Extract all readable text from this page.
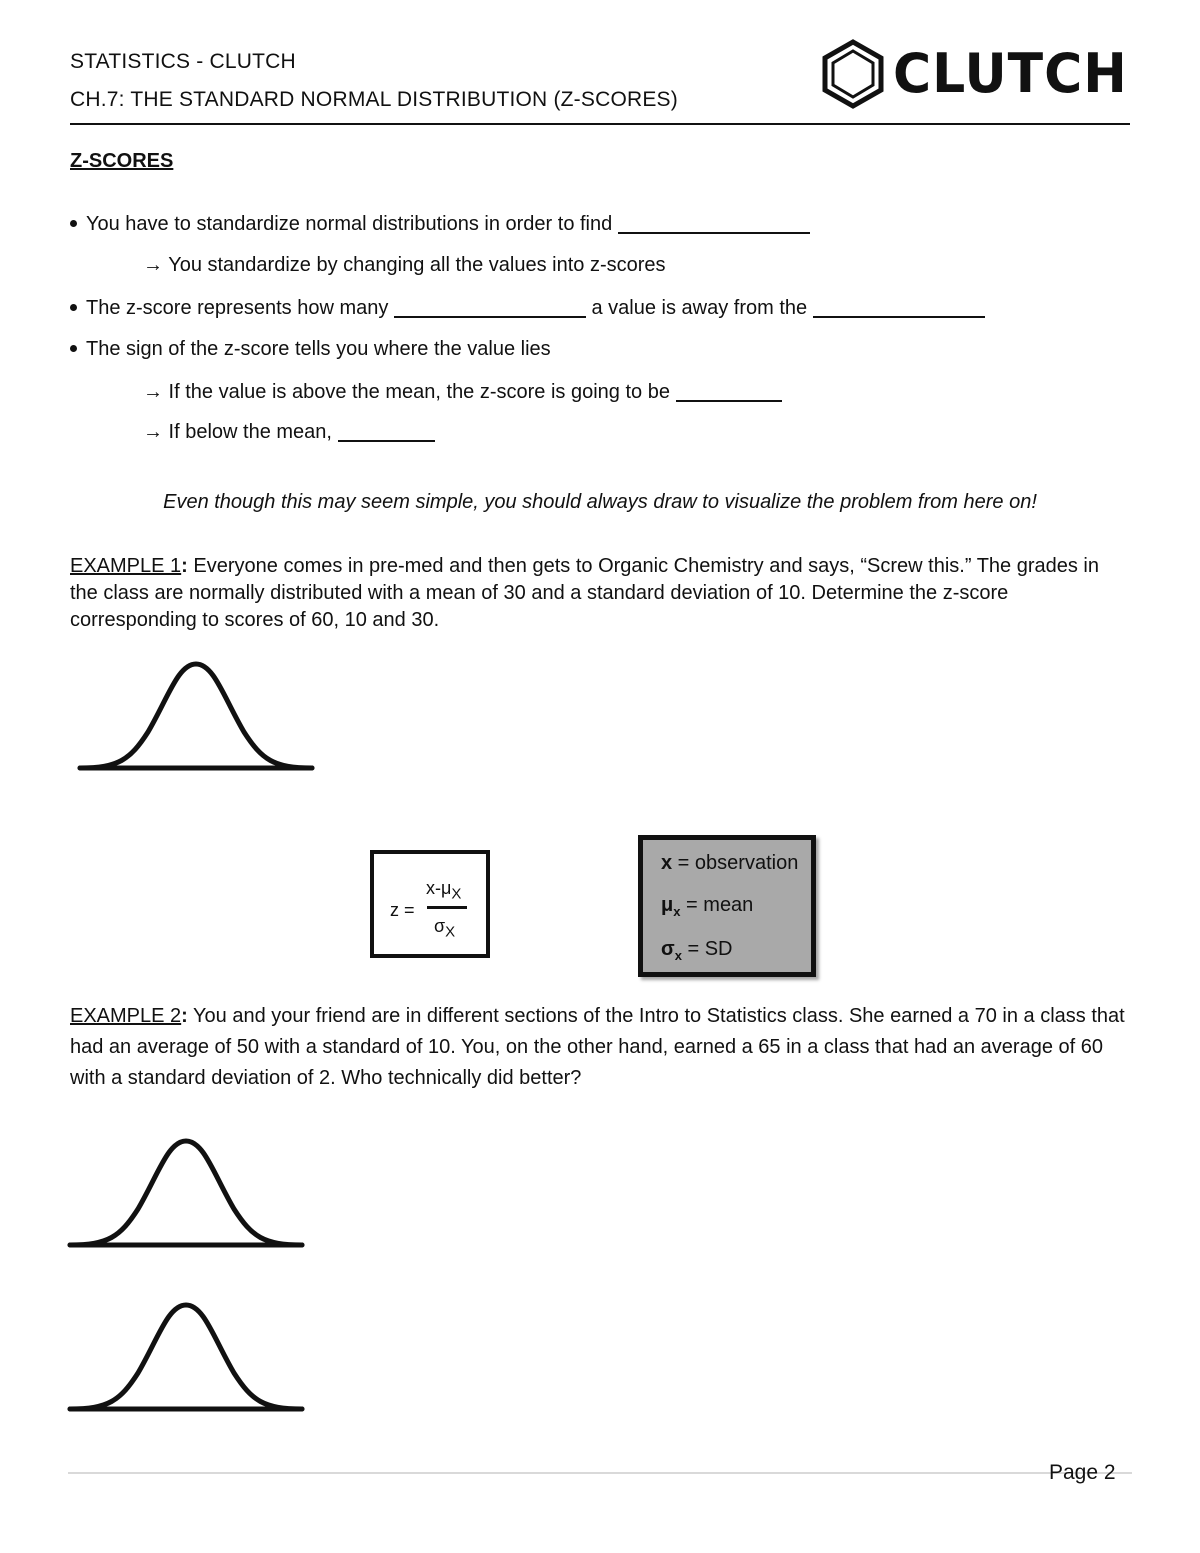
STATISTICS - CLUTCH
CH.7: THE STANDARD NORMAL DISTRIBUTION (Z-SCORES)	CLUTCH
Z-SCORES
You have to standardize normal distributions in order to find
→ You standardize by changing all the values into z-scores
The z-score represents how many	a value is away from the
The sign of the z-score tells you where the value lies
→ If the value is above the mean, the z-score is going to be
→ If below the mean,
Even though this may seem simple, you should always draw to visualize the problem from here on!
EXAMPLE 1: Everyone comes in pre-med and then gets to Organic Chemistry and says, “Screw this.” The grades in the class are normally distributed with a mean of 30 and a standard deviation of 10. Determine the z-score corresponding to scores of 60, 10 and 30.
z =
$x-\mu_X$
$\sigma_X$
x = observation
$\mu_x$ = mean
$\sigma_x$ = SD
EXAMPLE 2: You and your friend are in different sections of the Intro to Statistics class. She earned a 70 in a class that had an average of 50 with a standard of 10. You, on the other hand, earned a 65 in a class that had an average of 60 with a standard deviation of 2. Who technically did better?
Page 2
